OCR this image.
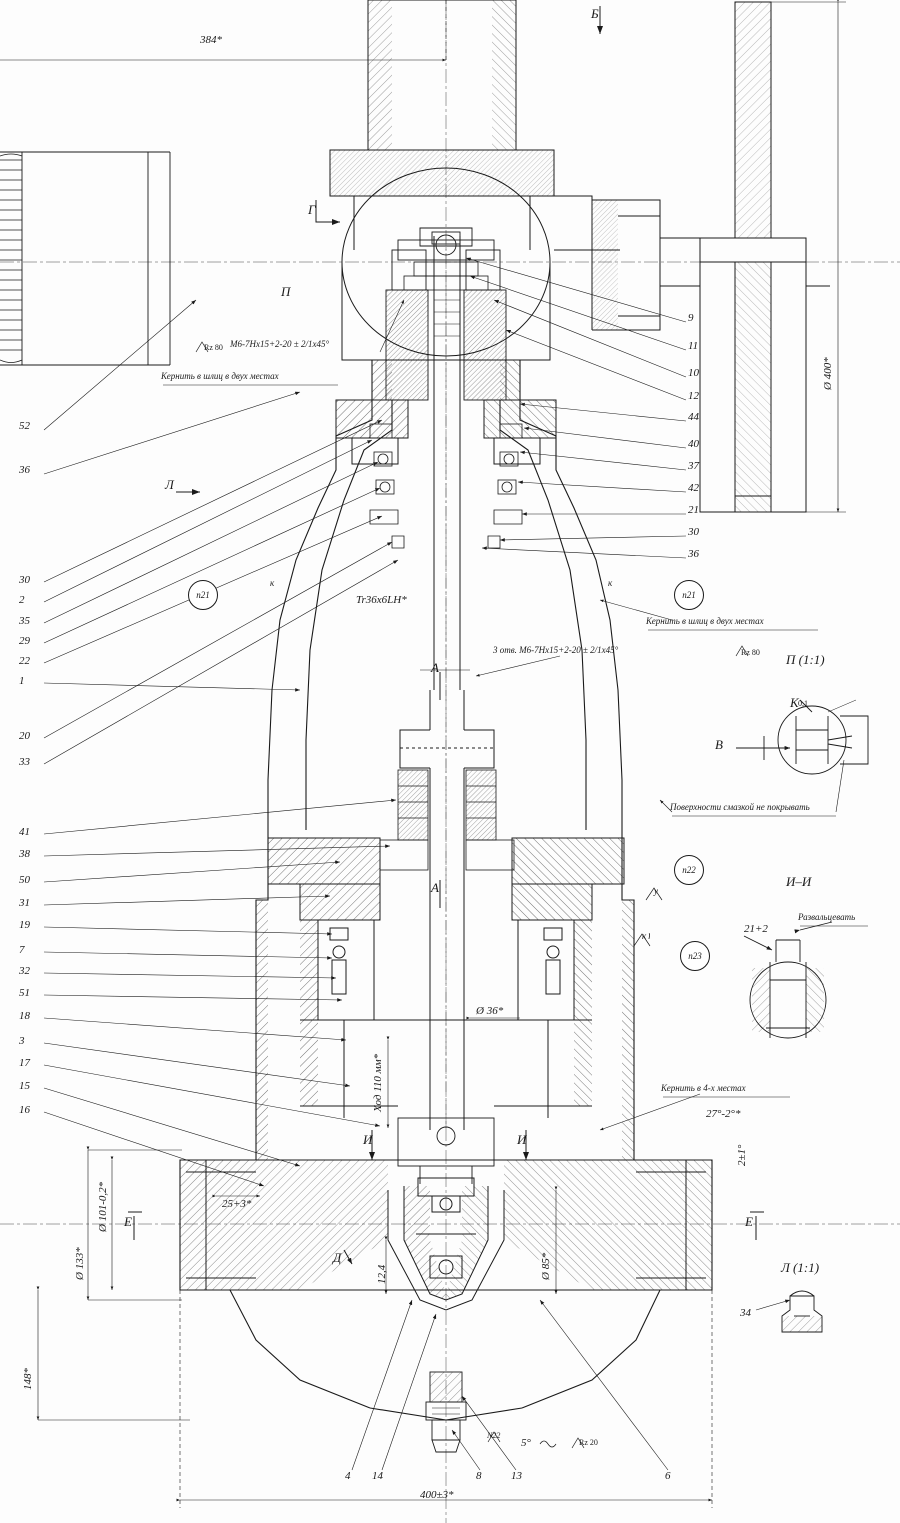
Б
Г
П
Л
А
А
И	И
Е	Е
Д
В
К
к	к
у
к۱
П (1:1)
И–И
Л (1:1)
384*
Ø 400*
Tr36x6LH*
Ø 36*
Ход 110 мм*
Ø 101-0,2*
Ø 133*	Ø 85*
148*
400±3*
25+3*
12,4
27°-2°*
2±1°
21+2
0,1
5°
M6-7Hx15+2-20 ± 2/1x45°
Rz 80
Кернить в шлиц в двух местах
Кернить в шлиц в двух местах
3 отв. M6-7Hx15+2-20 ± 2/1x45°	Rz 80
Поверхности смазкой не покрывать
Развальцевать
Кернить в 4-х местах
Rz 20
n21	n21
n22
n23
N22
52
36
30
2
35
29
22
1
20
33
41
38
50
31
19
7
32
51
18
3
17
15
16
9
11
10
12
44
40
37
42
21
30
36
4 14	8	13	6
34
